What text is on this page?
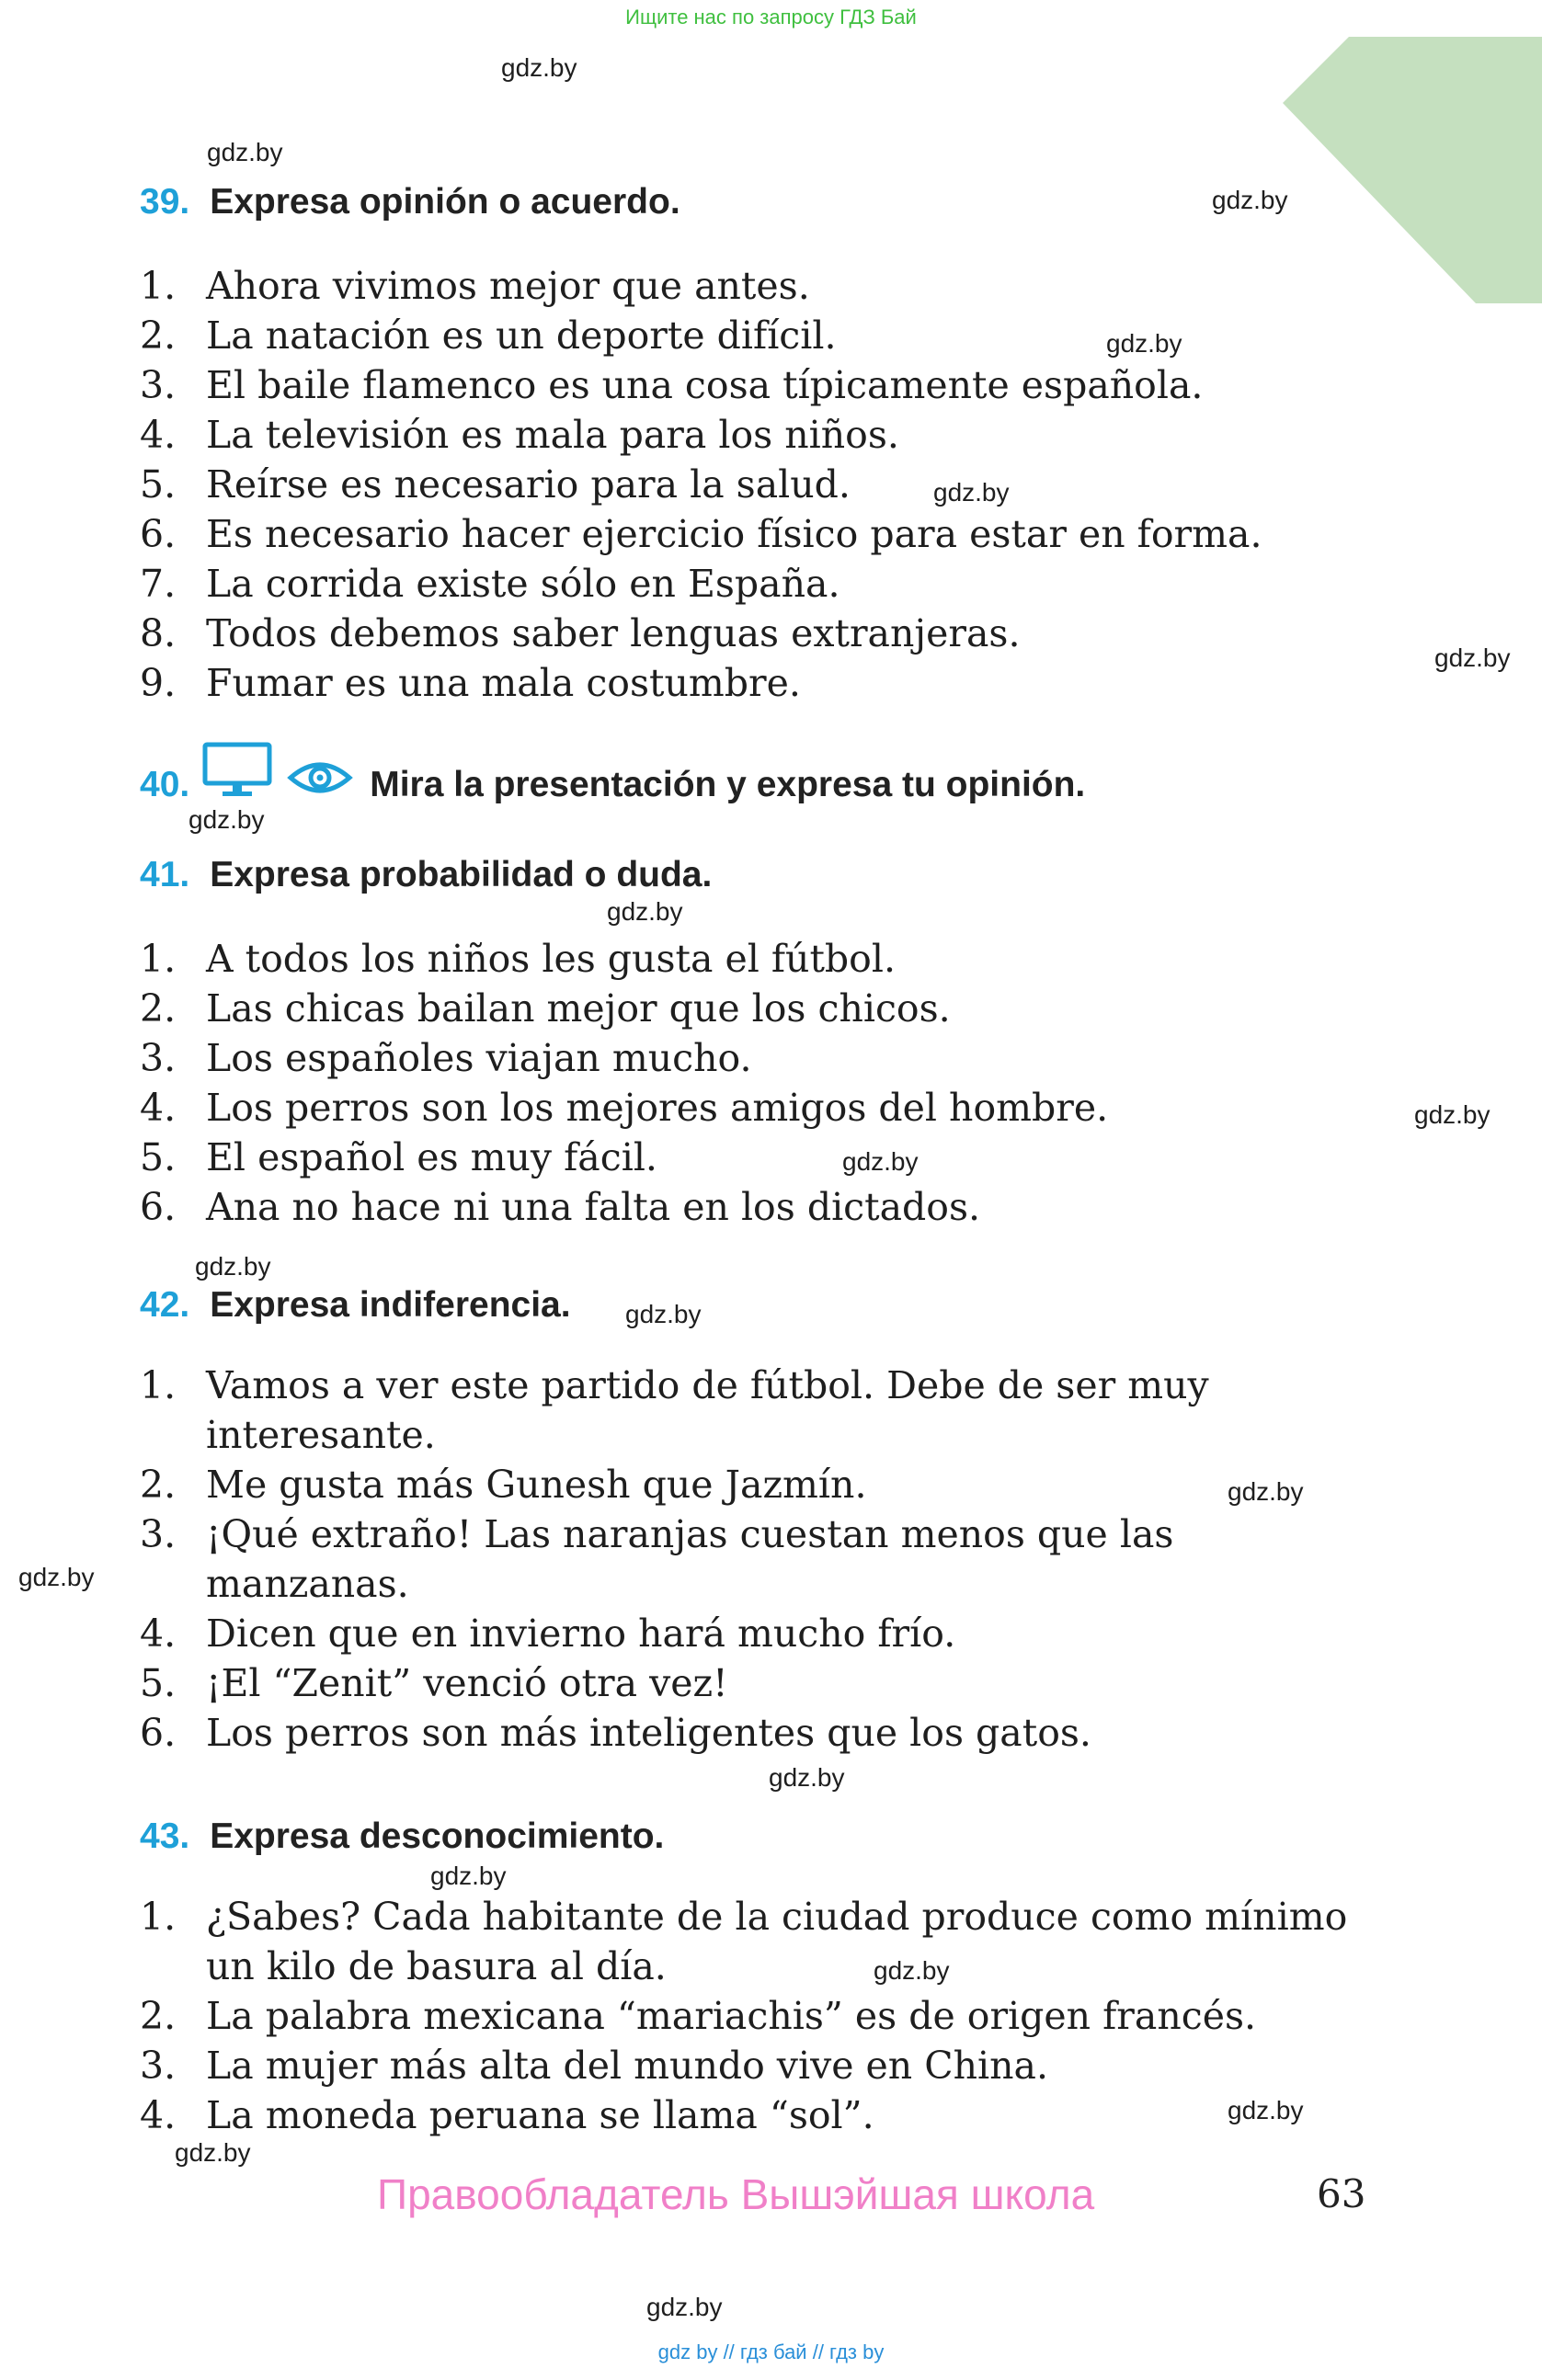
Ищите нас по запросу ГДЗ Бай
gdz.by
gdz.by
gdz.by
gdz.by
gdz.by
gdz.by
gdz.by
gdz.by
gdz.by
gdz.by
gdz.by
gdz.by
gdz.by
gdz.by
gdz.by
gdz.by
gdz.by
gdz.by
gdz.by
gdz.by
39. Expresa opinión o acuerdo.
1. Ahora vivimos mejor que antes.
2. La natación es un deporte difícil.
3. El baile flamenco es una cosa típicamente española.
4. La televisión es mala para los niños.
5. Reírse es necesario para la salud.
6. Es necesario hacer ejercicio físico para estar en forma.
7. La corrida existe sólo en España.
8. Todos debemos saber lenguas extranjeras.
9. Fumar es una mala costumbre.
40.	Mira la presentación y expresa tu opinión.
41. Expresa probabilidad o duda.
1. A todos los niños les gusta el fútbol.
2. Las chicas bailan mejor que los chicos.
3. Los españoles viajan mucho.
4. Los perros son los mejores amigos del hombre.
5. El español es muy fácil.
6. Ana no hace ni una falta en los dictados.
42. Expresa indiferencia.
1. Vamos a ver este partido de fútbol. Debe de ser muy interesante.
2. Me gusta más Gunesh que Jazmín.
3. ¡Qué extraño! Las naranjas cuestan menos que las manzanas.
4. Dicen que en invierno hará mucho frío.
5. ¡El “Zenit” venció otra vez!
6. Los perros son más inteligentes que los gatos.
43. Expresa desconocimiento.
1. ¿Sabes? Cada habitante de la ciudad produce como mínimo un kilo de basura al día.
2. La palabra mexicana “mariachis” es de origen francés.
3. La mujer más alta del mundo vive en China.
4. La moneda peruana se llama “sol”.
Правообладатель Вышэйшая школа	63
gdz by // гдз бай // гдз by
